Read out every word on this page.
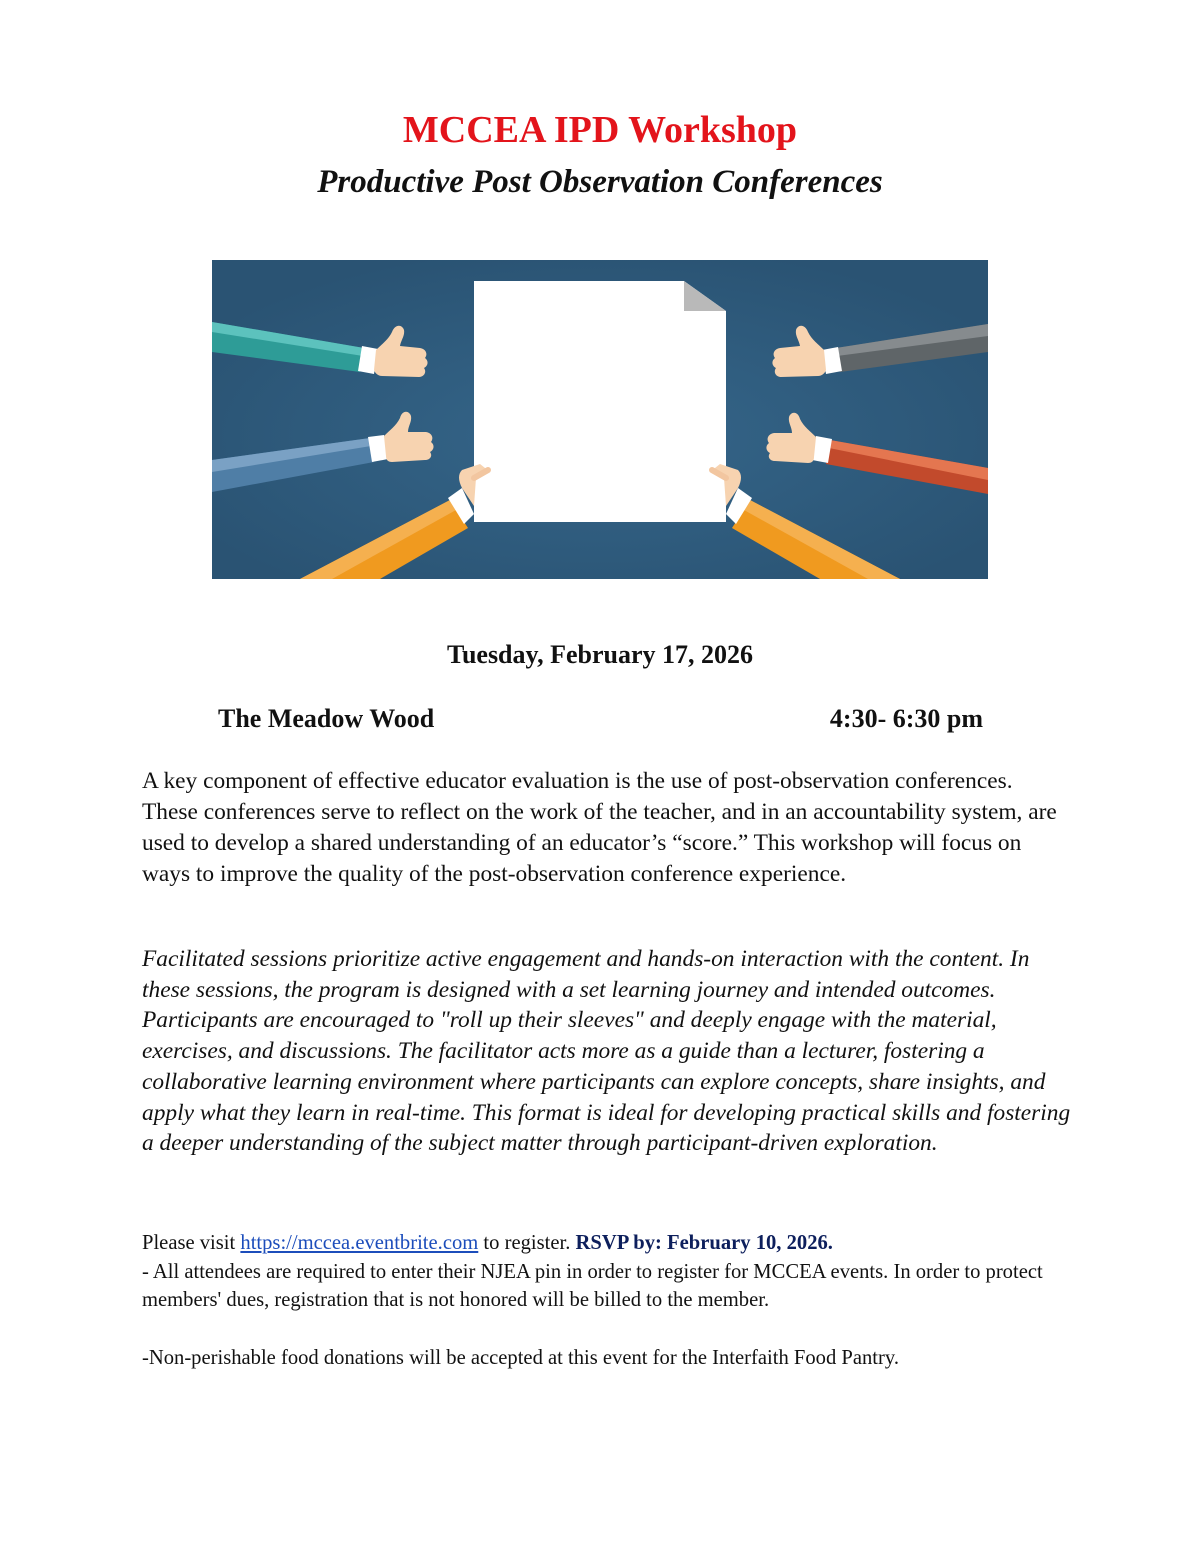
MCCEA IPD Workshop
Productive Post Observation Conferences
Tuesday, February 17, 2026
The Meadow Wood	4:30- 6:30 pm

A key component of effective educator evaluation is the use of post-observation conferences. These conferences serve to reflect on the work of the teacher, and in an accountability system, are used to develop a shared understanding of an educator’s “score.” This workshop will focus on ways to improve the quality of the post-observation conference experience.

Facilitated sessions prioritize active engagement and hands-on interaction with the content. In these sessions, the program is designed with a set learning journey and intended outcomes. Participants are encouraged to "roll up their sleeves" and deeply engage with the material, exercises, and discussions. The facilitator acts more as a guide than a lecturer, fostering a collaborative learning environment where participants can explore concepts, share insights, and apply what they learn in real-time. This format is ideal for developing practical skills and fostering a deeper understanding of the subject matter through participant-driven exploration.

Please visit https://mccea.eventbrite.com to register. RSVP by: February 10, 2026.
- All attendees are required to enter their NJEA pin in order to register for MCCEA events. In order to protect members' dues, registration that is not honored will be billed to the member.

-Non-perishable food donations will be accepted at this event for the Interfaith Food Pantry.
